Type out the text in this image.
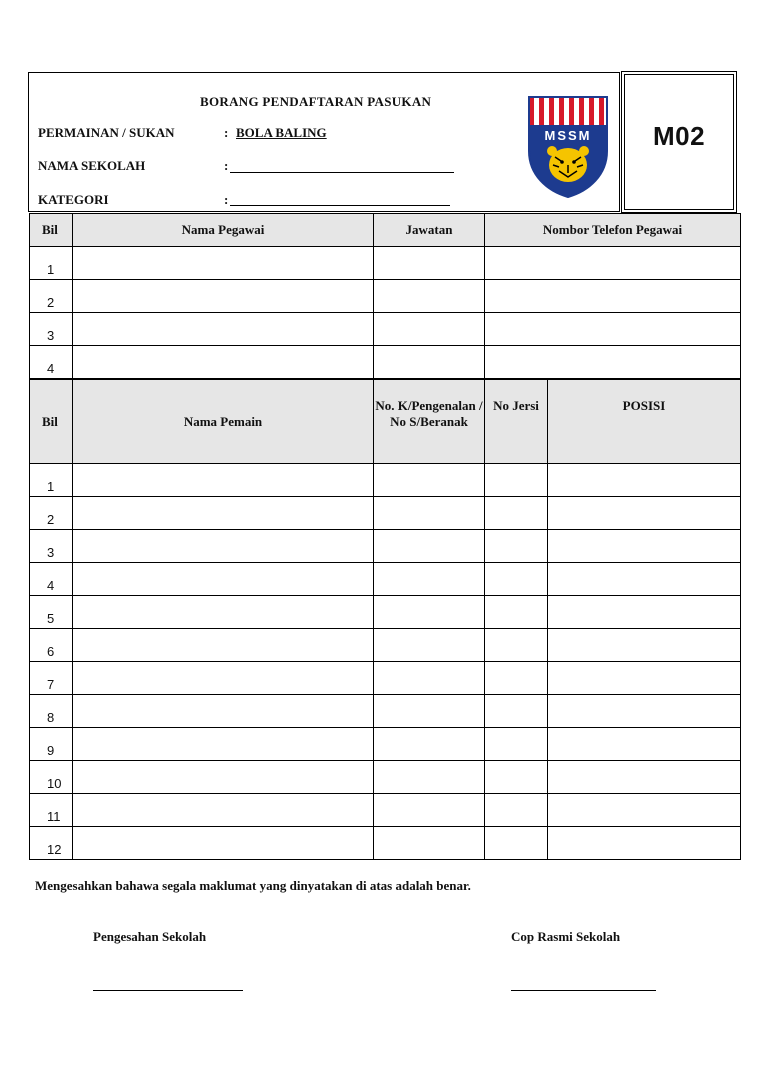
BORANG PENDAFTARAN PASUKAN
PERMAINAN / SUKAN	: BOLA BALING
NAMA SEKOLAH	:
KATEGORI	:
MSSM M02
Bil	Nama Pegawai	Jawatan	Nombor Telefon Pegawai
1			
2			
3			
4			
Bil	Nama Pemain	No. K/Pengenalan / No S/Beranak	No Jersi	POSISI
1				
2				
3				
4				
5				
6				
7				
8				
9				
10				
11				
12				
Mengesahkan bahawa segala maklumat yang dinyatakan di atas adalah benar.
Pengesahan Sekolah	Cop Rasmi Sekolah
